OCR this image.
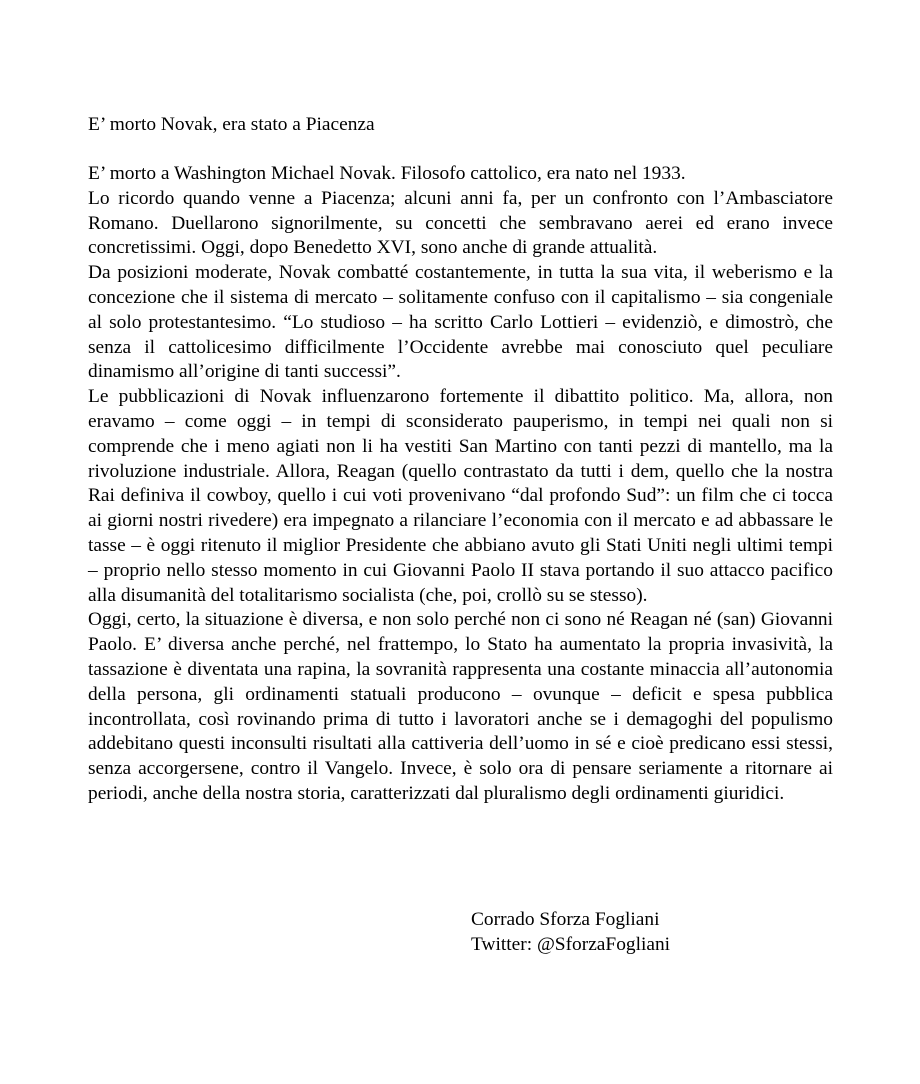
E’ morto Novak, era stato a Piacenza

E’ morto a Washington Michael Novak. Filosofo cattolico, era nato nel 1933.

Lo ricordo quando venne a Piacenza; alcuni anni fa, per un confronto con l’Ambasciatore Romano. Duellarono signorilmente, su concetti che sembravano aerei ed erano invece concretissimi. Oggi, dopo Benedetto XVI, sono anche di grande attualità.

Da posizioni moderate, Novak combatté costantemente, in tutta la sua vita, il weberismo e la concezione che il sistema di mercato – solitamente confuso con il capitalismo – sia congeniale al solo protestantesimo. “Lo studioso – ha scritto Carlo Lottieri – evidenziò, e dimostrò, che senza il cattolicesimo difficilmente l’Occidente avrebbe mai conosciuto quel peculiare dinamismo all’origine di tanti successi”.

Le pubblicazioni di Novak influenzarono fortemente il dibattito politico. Ma, allora, non eravamo – come oggi – in tempi di sconsiderato pauperismo, in tempi nei quali non si comprende che i meno agiati non li ha vestiti San Martino con tanti pezzi di mantello, ma la rivoluzione industriale. Allora, Reagan (quello contrastato da tutti i dem, quello che la nostra Rai definiva il cowboy, quello i cui voti provenivano “dal profondo Sud”: un film che ci tocca ai giorni nostri rivedere) era impegnato a rilanciare l’economia con il mercato e ad abbassare le tasse – è oggi ritenuto il miglior Presidente che abbiano avuto gli Stati Uniti negli ultimi tempi – proprio nello stesso momento in cui Giovanni Paolo II stava portando il suo attacco pacifico alla disumanità del totalitarismo socialista (che, poi, crollò su se stesso).

Oggi, certo, la situazione è diversa, e non solo perché non ci sono né Reagan né (san) Giovanni Paolo. E’ diversa anche perché, nel frattempo, lo Stato ha aumentato la propria invasività, la tassazione è diventata una rapina, la sovranità rappresenta una costante minaccia all’autonomia della persona, gli ordinamenti statuali producono – ovunque – deficit e spesa pubblica incontrollata, così rovinando prima di tutto i lavoratori anche se i demagoghi del populismo addebitano questi inconsulti risultati alla cattiveria dell’uomo in sé e cioè predicano essi stessi, senza accorgersene, contro il Vangelo. Invece, è solo ora di pensare seriamente a ritornare ai periodi, anche della nostra storia, caratterizzati dal pluralismo degli ordinamenti giuridici.

Corrado Sforza Fogliani
Twitter: @SforzaFogliani
